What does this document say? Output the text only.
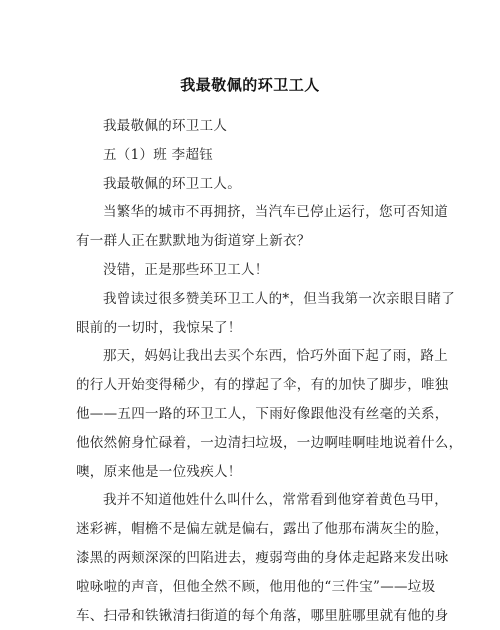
我最敬佩的环卫工人
我最敬佩的环卫工人
五（1）班 李超钰
我最敬佩的环卫工人。
当繁华的城市不再拥挤，当汽车已停止运行，您可否知道
有一群人正在默默地为街道穿上新衣？
没错，正是那些环卫工人！
我曾读过很多赞美环卫工人的*，但当我第一次亲眼目睹了
眼前的一切时，我惊呆了！
那天，妈妈让我出去买个东西，恰巧外面下起了雨，路上
的行人开始变得稀少，有的撑起了伞，有的加快了脚步，唯独
他——五四一路的环卫工人，下雨好像跟他没有丝毫的关系，
他依然俯身忙碌着，一边清扫垃圾，一边啊哇啊哇地说着什么，
噢，原来他是一位残疾人！
我并不知道他姓什么叫什么，常常看到他穿着黄色马甲，
迷彩裤，帽檐不是偏左就是偏右，露出了他那布满灰尘的脸，
漆黑的两颊深深的凹陷进去，瘦弱弯曲的身体走起路来发出咏
啦咏啦的声音，但他全然不顾，他用他的“三件宝”——垃圾
车、扫帚和铁锹清扫街道的每个角落，哪里脏哪里就有他的身
